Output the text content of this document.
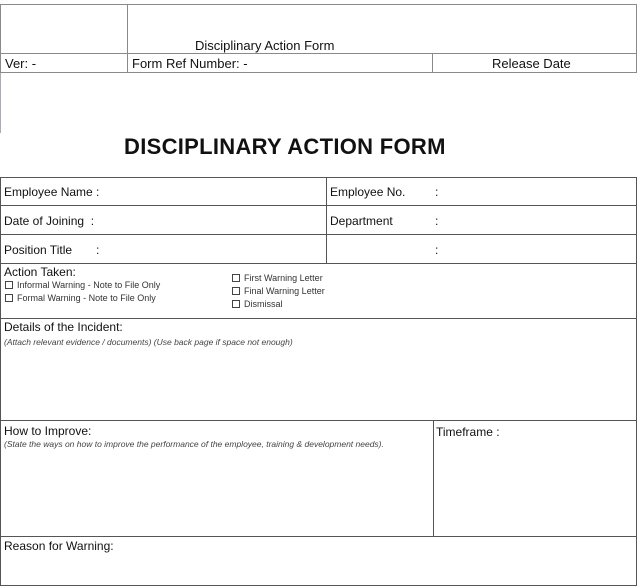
Disciplinary Action Form
Ver: -	Form Ref Number: -	Release Date
DISCIPLINARY ACTION FORM
Employee Name :	Employee No. :
Date of Joining  :	Department	:
Position Title :	:
Action Taken:
Informal Warning - Note to File Only
Formal Warning - Note to File Only
First Warning Letter
Final Warning Letter
Dismissal
Details of the Incident:
(Attach relevant evidence / documents) (Use back page if space not enough)
How to Improve:
(State the ways on how to improve the performance of the employee, training & development needs).
Timeframe :
Reason for Warning:
